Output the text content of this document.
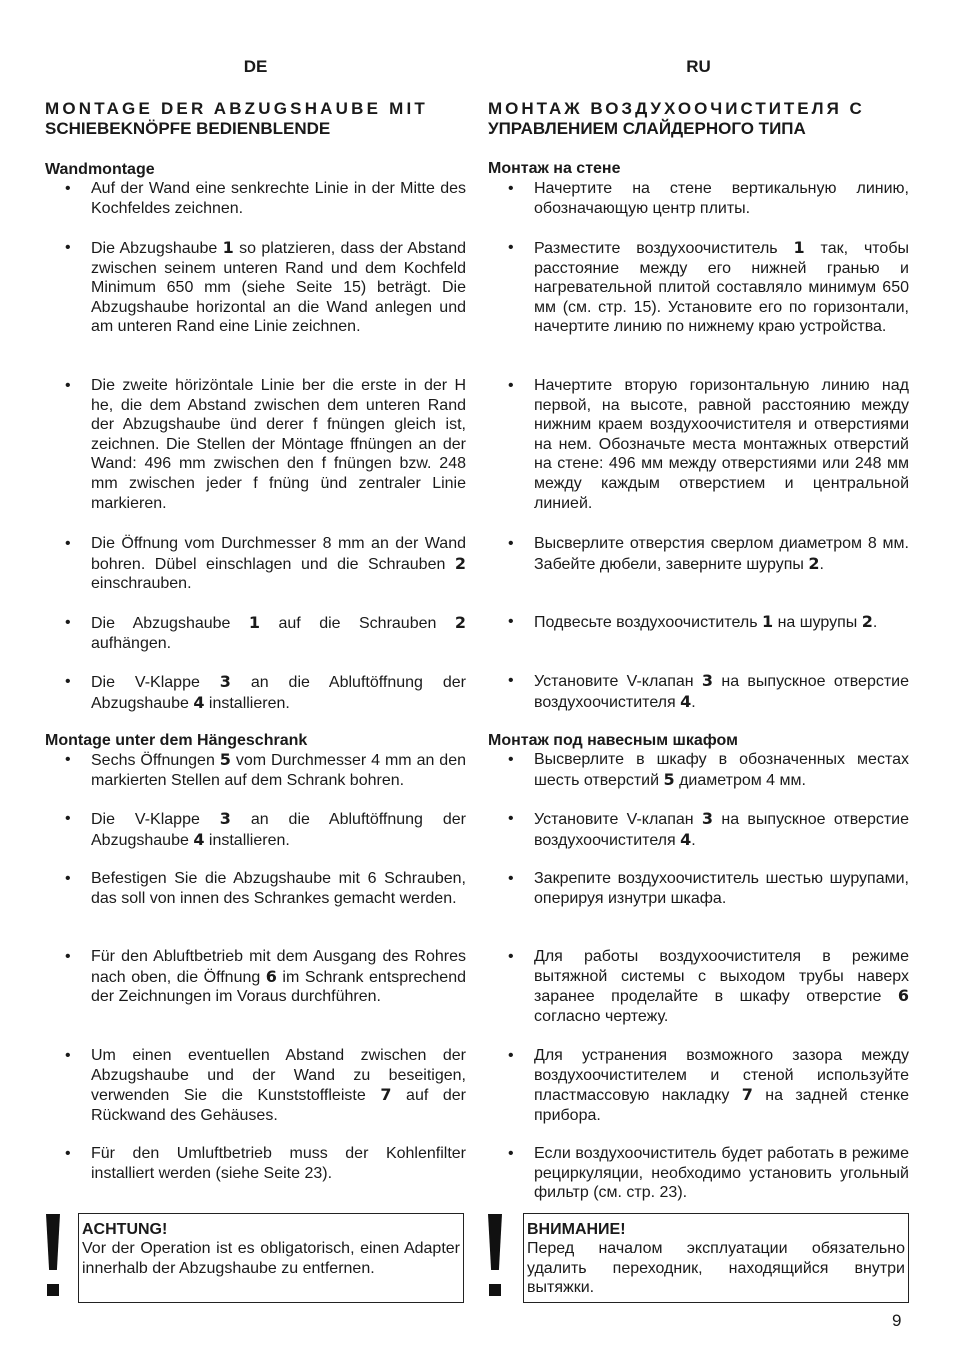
DE
MONTAGE DER ABZUGSHAUBE MIT
SCHIEBEKNÖPFE BEDIENBLENDE
Wandmontage
• Auf der Wand eine senkrechte Linie in der Mitte des Kochfeldes zeichnen.
• Die Abzugshaube 1 so platzieren, dass der Abstand zwischen seinem unteren Rand und dem Kochfeld Minimum 650 mm (siehe Seite 15) beträgt. Die Abzugshaube horizontal an die Wand anlegen und am unteren Rand eine Linie zeichnen.
• Die zweite hörizöntale Linie ber die erste in der H he, die dem Abstand zwischen dem unteren Rand der Abzugshaube ünd derer f fnüngen gleich ist, zeichnen. Die Stellen der Möntage ffnüngen an der Wand: 496 mm zwischen den f fnüngen bzw. 248 mm zwischen jeder f fnüng ünd zentraler Linie markieren.
• Die Öffnung vom Durchmesser 8 mm an der Wand bohren. Dübel einschlagen und die Schrauben 2 einschrauben.
• Die Abzugshaube 1 auf die Schrauben 2 aufhängen.
• Die V-Klappe 3 an die Abluftöffnung der Abzugshaube 4 installieren.
Montage unter dem Hängeschrank
• Sechs Öffnungen 5 vom Durchmesser 4 mm an den markierten Stellen auf dem Schrank bohren.
• Die V-Klappe 3 an die Abluftöffnung der Abzugshaube 4 installieren.
• Befestigen Sie die Abzugshaube mit 6 Schrauben, das soll von innen des Schrankes gemacht werden.
• Für den Abluftbetrieb mit dem Ausgang des Rohres nach oben, die Öffnung 6 im Schrank entsprechend der Zeichnungen im Voraus durchführen.
• Um einen eventuellen Abstand zwischen der Abzugshaube und der Wand zu beseitigen, verwenden Sie die Kunststoffleiste 7 auf der Rückwand des Gehäuses.
• Für den Umluftbetrieb muss der Kohlenfilter installiert werden (siehe Seite 23).
ACHTUNG!
Vor der Operation ist es obligatorisch, einen Adapter innerhalb der Abzugshaube zu entfernen.
RU
МОНТАЖ ВОЗДУХООЧИСТИТЕЛЯ С
УПРАВЛЕНИЕМ СЛАЙДЕРНОГО ТИПА
Монтаж на стене
• Начертите на стене вертикальную линию, обозначающую центр плиты.
• Разместите воздухоочиститель 1 так, чтобы расстояние между его нижней гранью и нагревательной плитой составляло минимум 650 мм (см. стр. 15). Установите его по горизонтали, начертите линию по нижнему краю устройства.
• Начертите вторую горизонтальную линию над первой, на высоте, равной расстоянию между нижним краем воздухоочистителя и отверстиями на нем. Обозначьте места монтажных отверстий на стене: 496 мм между отверстиями или 248 мм между каждым отверстием и центральной линией.
• Высверлите отверстия сверлом диаметром 8 мм. Забейте дюбели, заверните шурупы 2.
• Подвесьте воздухоочиститель 1 на шурупы 2.
• Установите V-клапан 3 на выпускное отверстие воздухоочистителя 4.
Монтаж под навесным шкафом
• Высверлите в шкафу в обозначенных местах шесть отверстий 5 диаметром 4 мм.
• Установите V-клапан 3 на выпускное отверстие воздухоочистителя 4.
• Закрепите воздухоочиститель шестью шурупами, оперируя изнутри шкафа.
• Для работы воздухоочистителя в режиме вытяжной системы с выходом трубы наверх заранее проделайте в шкафу отверстие 6 согласно чертежу.
• Для устранения возможного зазора между воздухоочистителем и стеной используйте пластмассовую накладку 7 на задней стенке прибора.
• Если воздухоочиститель будет работать в режиме рециркуляции, необходимо установить угольный фильтр (см. стр. 23).
ВНИМАНИЕ!
Перед началом эксплуатации обязательно удалить переходник, находящийся внутри вытяжки.
9
